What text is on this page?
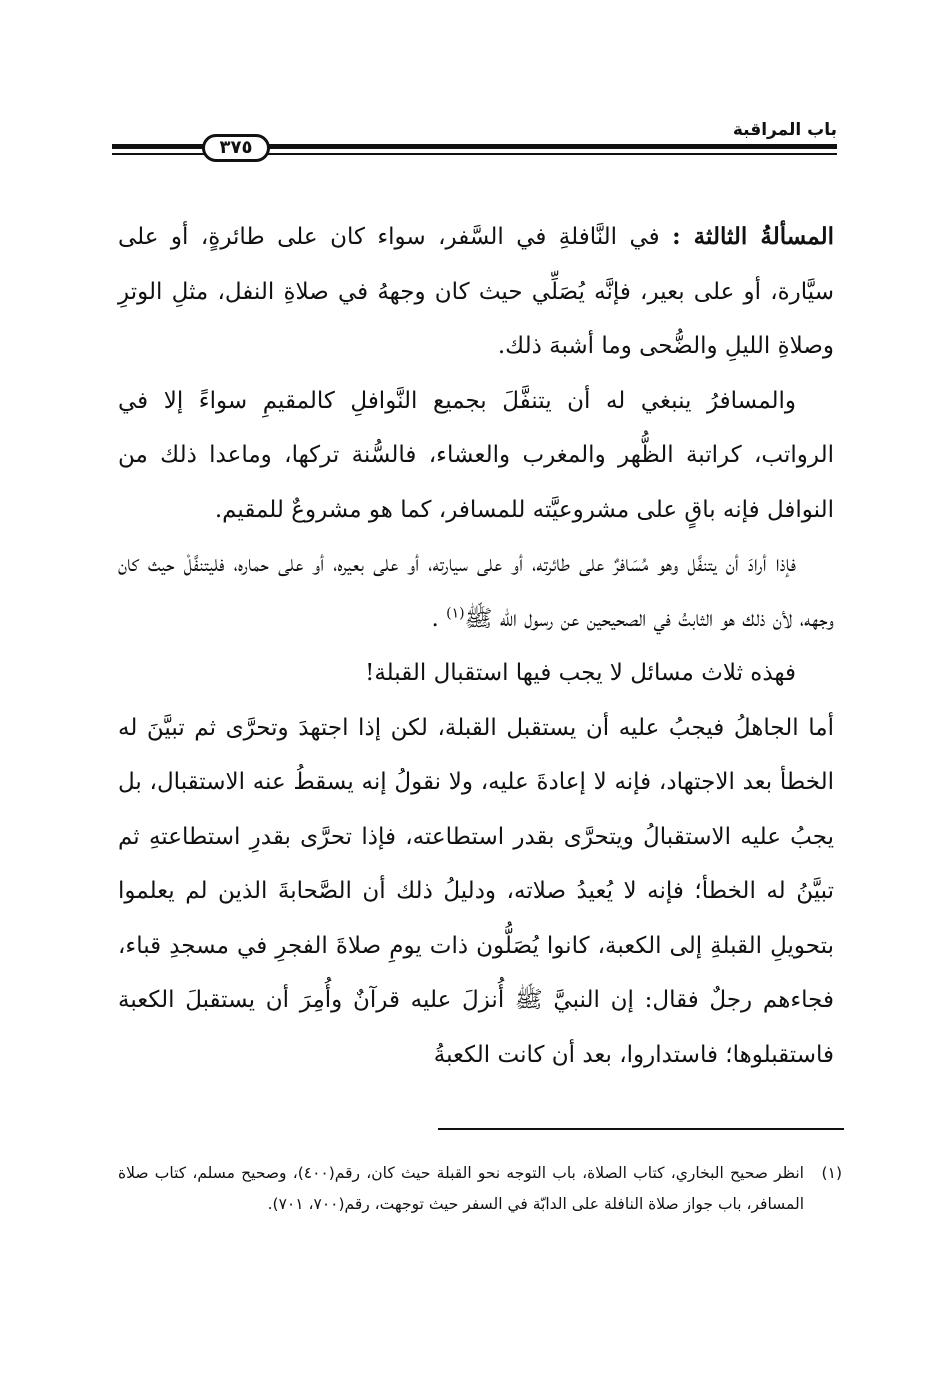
باب المراقبة
٣٧٥

المسألةُ الثالثة : في النَّافلةِ في السَّفر، سواء كان على طائرةٍ، أو على سيَّارة، أو على بعير، فإنَّه يُصَلِّي حيث كان وجههُ في صلاةِ النفل، مثلِ الوترِ وصلاةِ الليلِ والضُّحى وما أشبهَ ذلك.

والمسافرُ ينبغي له أن يتنفَّلَ بجميع النَّوافلِ كالمقيمِ سواءً إلا في الرواتب، كراتبة الظُّهر والمغرب والعشاء، فالسُّنة تركها، وماعدا ذلك من النوافل فإنه باقٍ على مشروعيَّته للمسافر، كما هو مشروعٌ للمقيم.

فإذا أرادَ أن يتنفَّل وهو مُسَافرٌ على طائرته، أو على سيارته، أو على بعيره، أو على حماره، فليتنفَّلْ حيث كان وجهه، لأن ذلك هو الثابتُ في الصحيحين عن رسول الله ﷺ$^{(١)}$ .

فهذه ثلاث مسائل لا يجب فيها استقبال القبلة!

أما الجاهلُ فيجبُ عليه أن يستقبل القبلة، لكن إذا اجتهدَ وتحرَّى ثم تبيَّنَ له الخطأ بعد الاجتهاد، فإنه لا إعادةَ عليه، ولا نقولُ إنه يسقطُ عنه الاستقبال، بل يجبُ عليه الاستقبالُ ويتحرَّى بقدر استطاعته، فإذا تحرَّى بقدرِ استطاعتهِ ثم تبيَّنُ له الخطأ؛ فإنه لا يُعيدُ صلاته، ودليلُ ذلك أن الصَّحابةَ الذين لم يعلموا بتحويلِ القبلةِ إلى الكعبة، كانوا يُصَلُّون ذات يومِ صلاةَ الفجرِ في مسجدِ قباء، فجاءهم رجلٌ فقال: إن النبيَّ ﷺ أُنزلَ عليه قرآنٌ وأُمِرَ أن يستقبلَ الكعبة فاستقبلوها؛ فاستداروا، بعد أن كانت الكعبةُ

(١)
انظر صحيح البخاري، كتاب الصلاة، باب التوجه نحو القبلة حيث كان، رقم(٤٠٠)، وصحيح مسلم، كتاب صلاة المسافر، باب جواز صلاة النافلة على الدابّة في السفر حيث توجهت، رقم(٧٠٠، ٧٠١).
